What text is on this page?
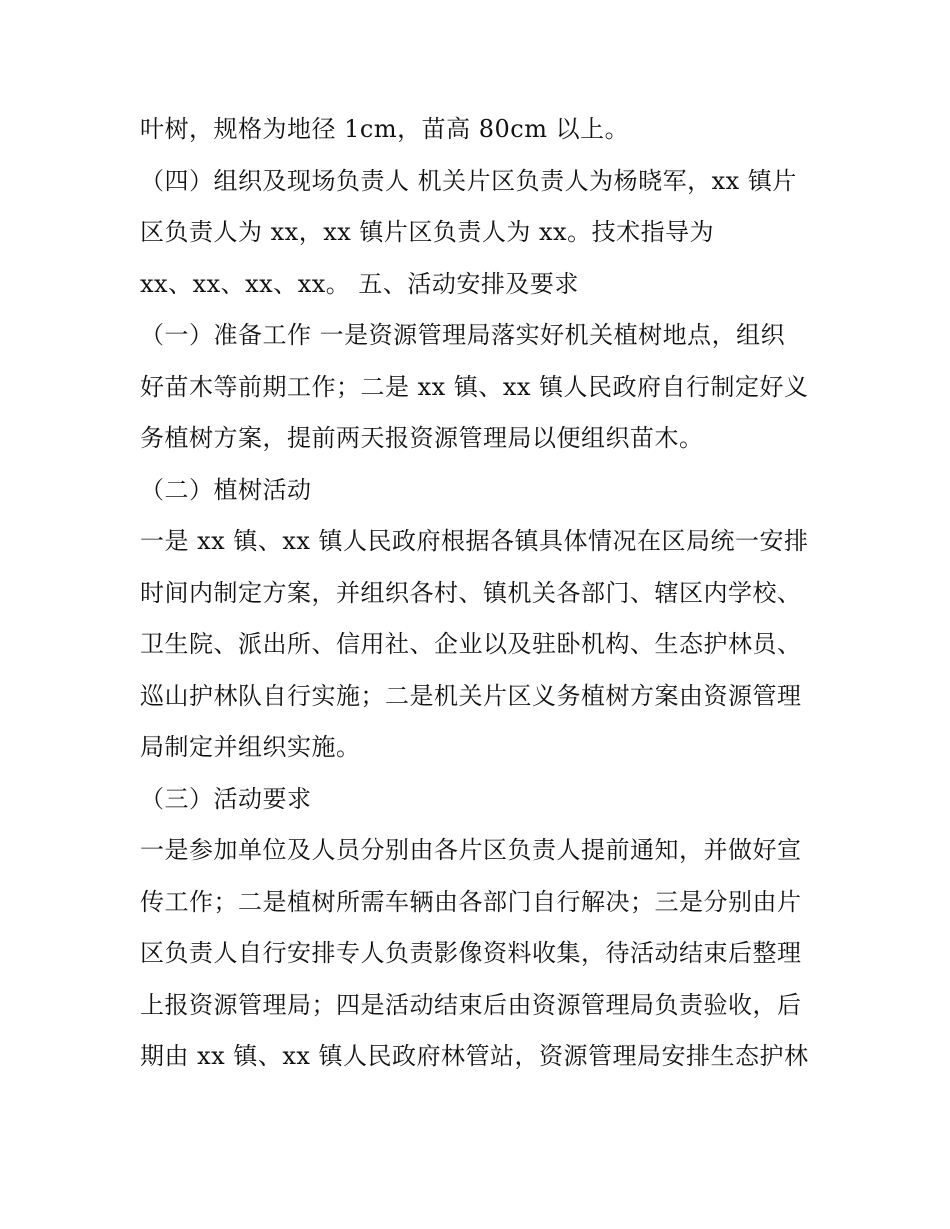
叶树，规格为地径 1cm，苗高 80cm 以上。
（四）组织及现场负责人 机关片区负责人为杨晓军，xx 镇片
区负责人为 xx，xx 镇片区负责人为 xx。技术指导为
xx、xx、xx、xx。 五、活动安排及要求
（一）准备工作 一是资源管理局落实好机关植树地点，组织
好苗木等前期工作；二是 xx 镇、xx 镇人民政府自行制定好义
务植树方案，提前两天报资源管理局以便组织苗木。
（二）植树活动
一是 xx 镇、xx 镇人民政府根据各镇具体情况在区局统一安排
时间内制定方案，并组织各村、镇机关各部门、辖区内学校、
卫生院、派出所、信用社、企业以及驻卧机构、生态护林员、
巡山护林队自行实施；二是机关片区义务植树方案由资源管理
局制定并组织实施。
（三）活动要求
一是参加单位及人员分别由各片区负责人提前通知，并做好宣
传工作；二是植树所需车辆由各部门自行解决；三是分别由片
区负责人自行安排专人负责影像资料收集，待活动结束后整理
上报资源管理局；四是活动结束后由资源管理局负责验收，后
期由 xx 镇、xx 镇人民政府林管站，资源管理局安排生态护林
